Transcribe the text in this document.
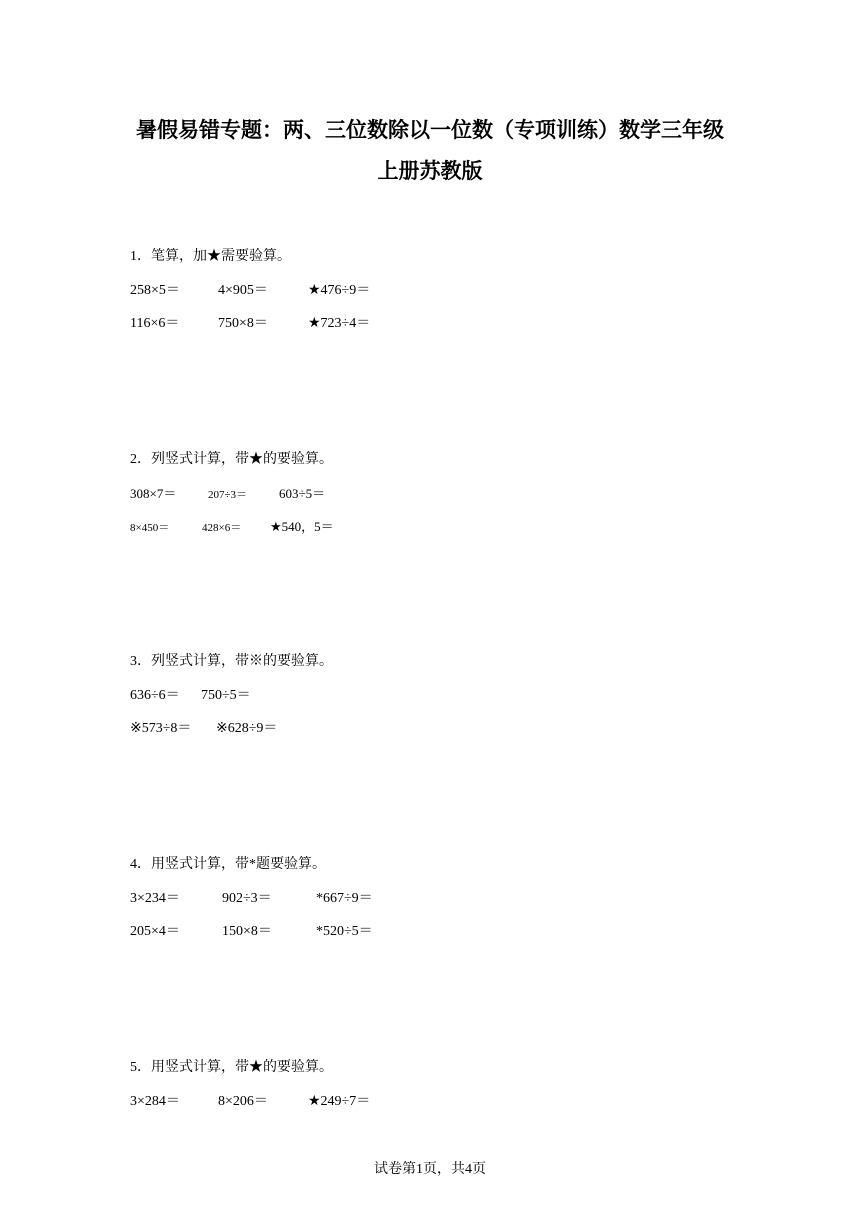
暑假易错专题：两、三位数除以一位数（专项训练）数学三年级
上册苏教版
1．笔算，加★需要验算。
258×5＝	4×905＝	★476÷9＝
116×6＝	750×8＝	★723÷4＝
2．列竖式计算，带★的要验算。
308×7＝	207÷3＝ 603÷5＝
8×450＝	428×6＝ ★540，5＝
3．列竖式计算，带※的要验算。
636÷6＝ 750÷5＝
※573÷8＝ ※628÷9＝
4．用竖式计算，带*题要验算。
3×234＝	902÷3＝	*667÷9＝
205×4＝	150×8＝	*520÷5＝
5．用竖式计算，带★的要验算。
3×284＝	8×206＝	★249÷7＝
试卷第1页，共4页
